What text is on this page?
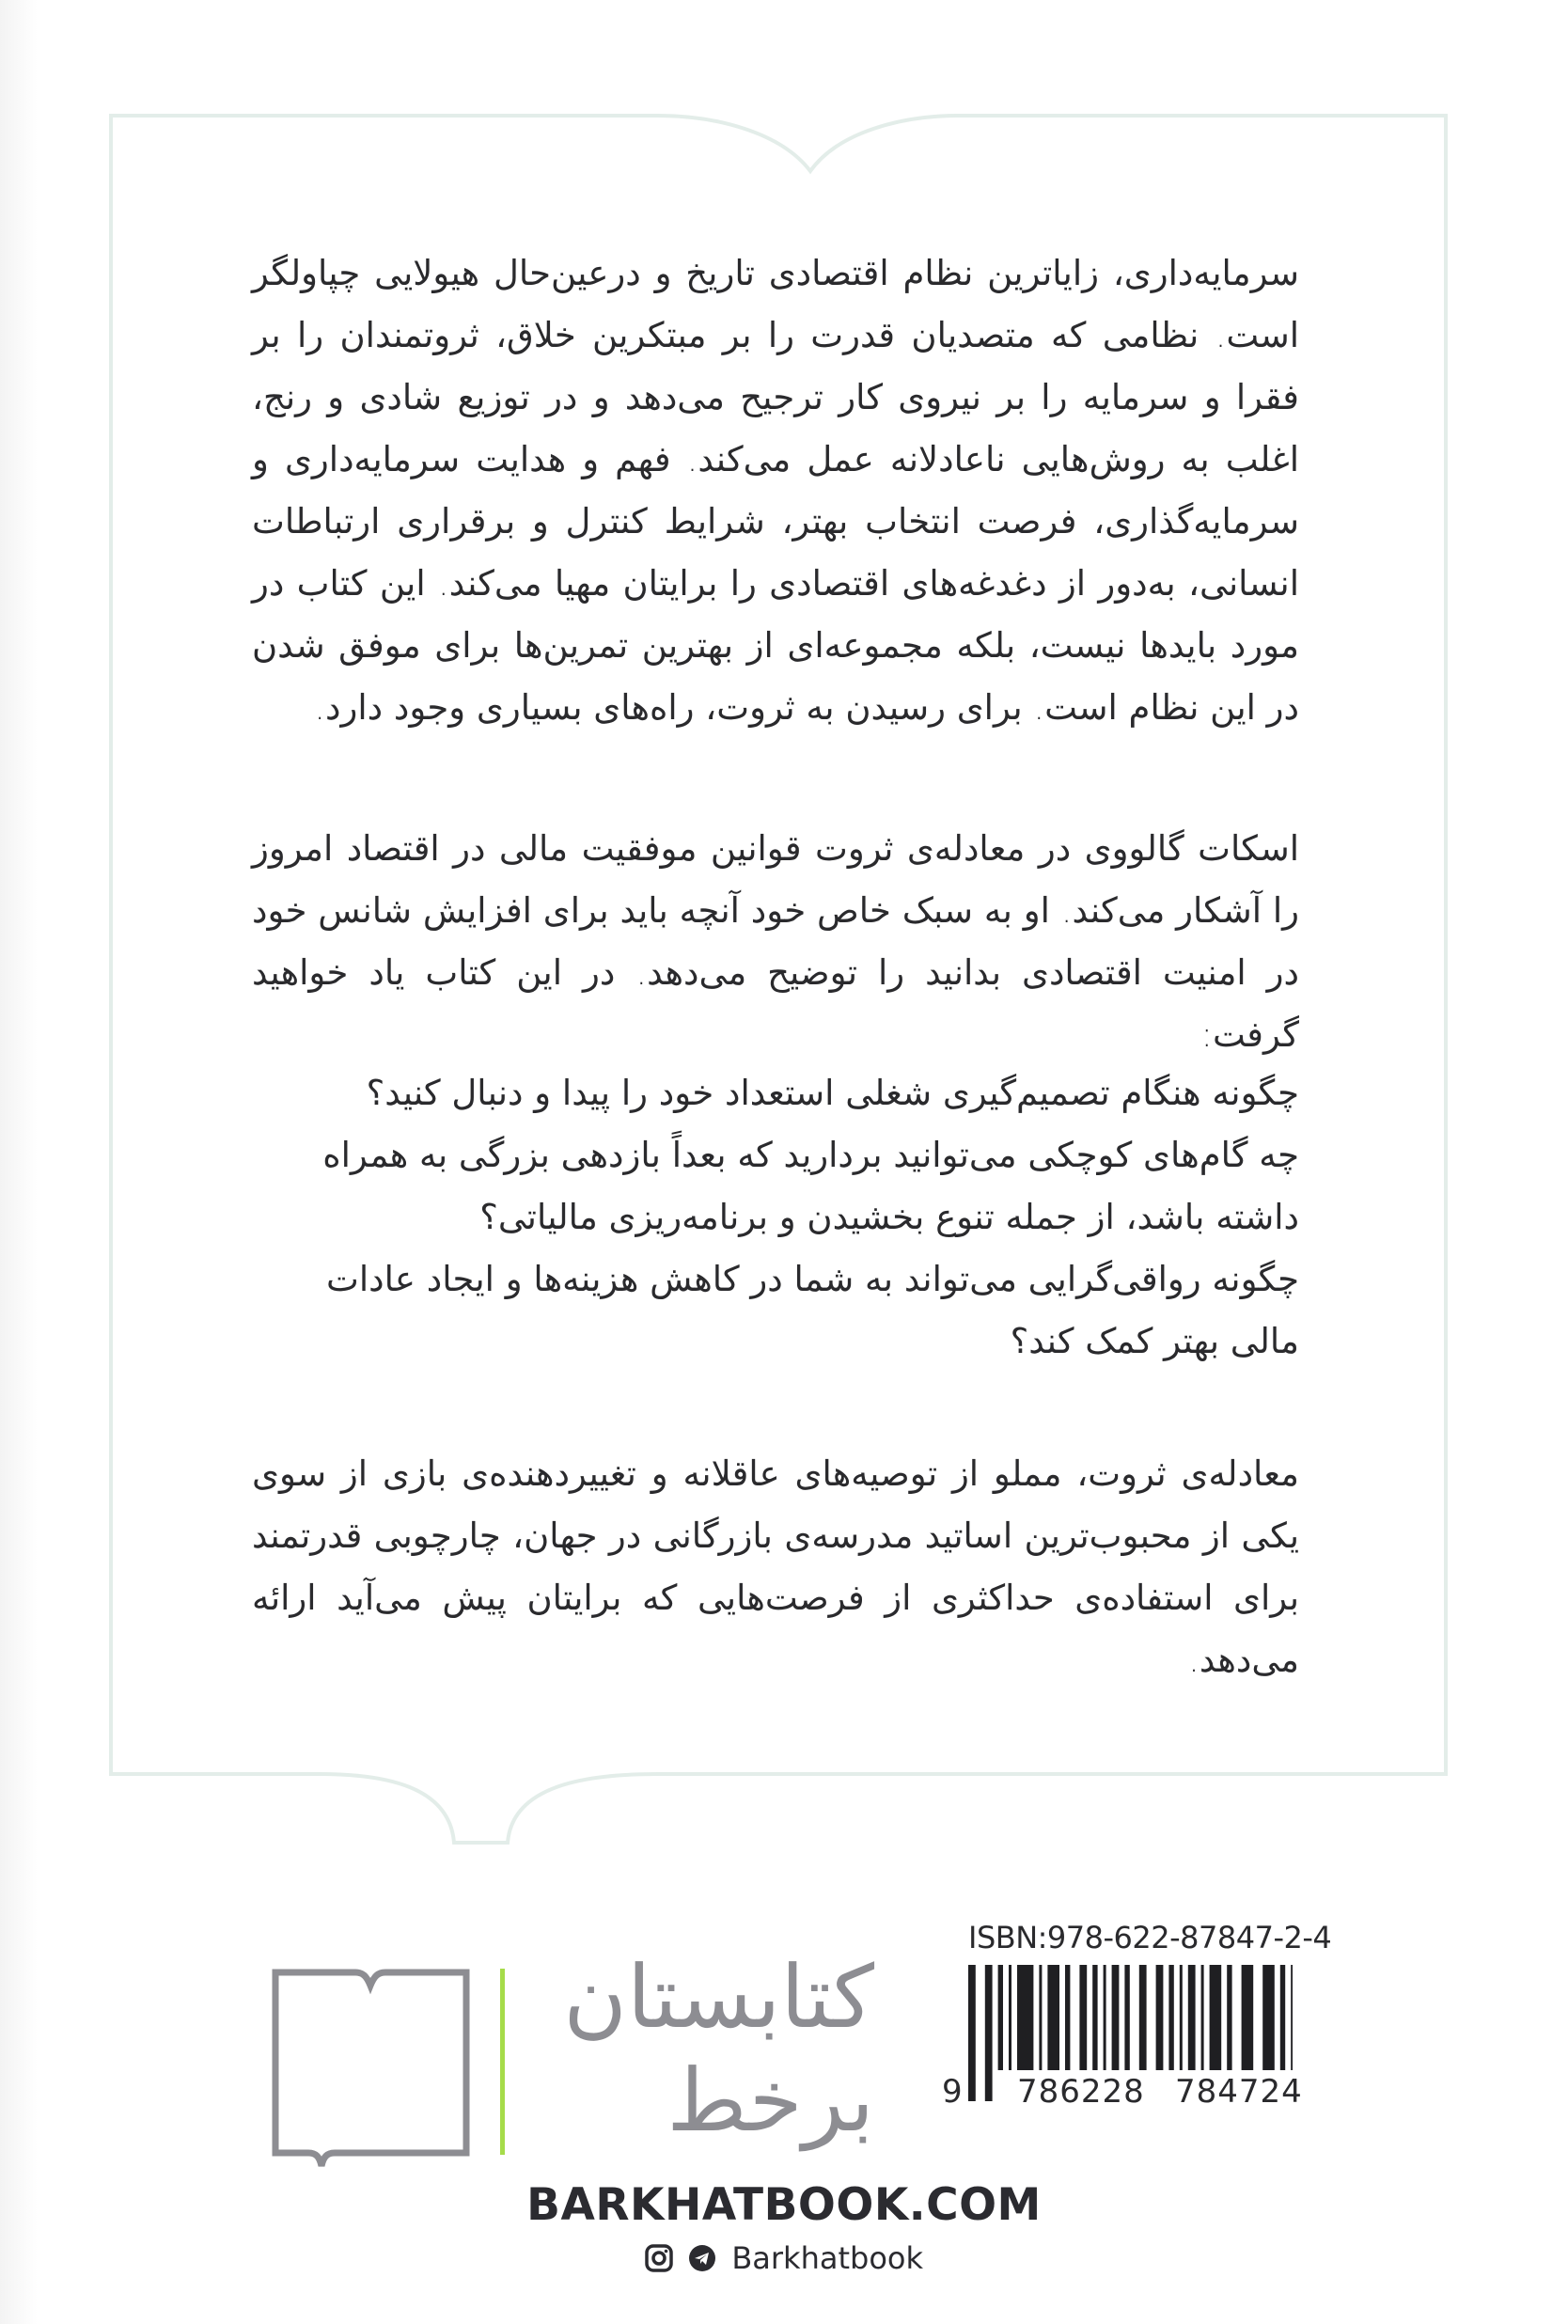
سرمایه‌داری، زایاترین نظام اقتصادی تاریخ و درعین‌حال هیولایی چپاولگر است. نظامی که متصدیان قدرت را بر مبتکرین خلاق، ثروتمندان را بر فقرا و سرمایه را بر نیروی کار ترجیح می‌دهد و در توزیع شادی و رنج، اغلب به روش‌هایی ناعادلانه عمل می‌کند. فهم و هدایت سرمایه‌داری و سرمایه‌گذاری، فرصت انتخاب بهتر، شرایط کنترل و برقراری ارتباطات انسانی، به‌دور از دغدغه‌های اقتصادی را برایتان مهیا می‌کند. این کتاب در مورد بایدها نیست، بلکه مجموعه‌ای از بهترین تمرین‌ها برای موفق شدن در این نظام است. برای رسیدن به ثروت، راه‌های بسیاری وجود دارد.

اسکات گالووی در معادله‌ی ثروت قوانین موفقیت مالی در اقتصاد امروز را آشکار می‌کند. او به سبک خاص خود آنچه باید برای افزایش شانس خود در امنیت اقتصادی بدانید را توضیح می‌دهد. در این کتاب یاد خواهید گرفت:

چگونه هنگام تصمیم‌گیری شغلی استعداد خود را پیدا و دنبال کنید؟
چه گام‌های کوچکی می‌توانید بردارید که بعداً بازدهی بزرگی به همراه داشته باشد، از جمله تنوع بخشیدن و برنامه‌ریزی مالیاتی؟
چگونه رواقی‌گرایی می‌تواند به شما در کاهش هزینه‌ها و ایجاد عادات مالی بهتر کمک کند؟

معادله‌ی ثروت، مملو از توصیه‌های عاقلانه و تغییردهنده‌ی بازی از سوی یکی از محبوب‌ترین اساتید مدرسه‌ی بازرگانی در جهان، چارچوبی قدرتمند برای استفاده‌ی حداکثری از فرصت‌هایی که برایتان پیش می‌آید ارائه می‌دهد.

کتابستان
برخط
ISBN:978-622-87847-2-4
9 786228 784724
BARKHATBOOK.COM
Barkhatbook
